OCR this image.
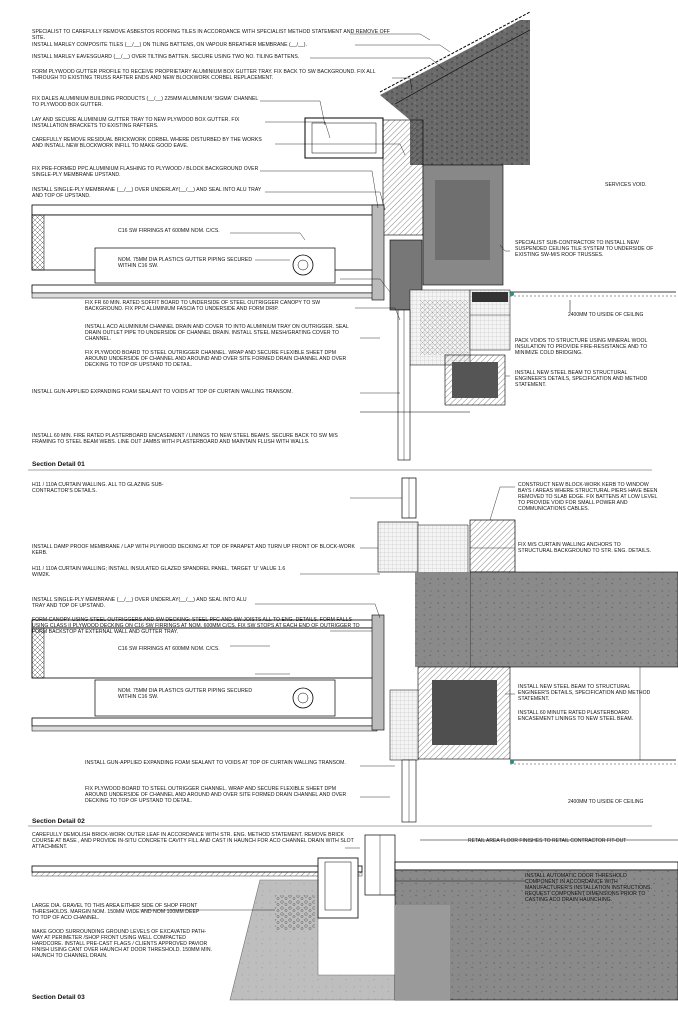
SPECIALIST TO CAREFULLY REMOVE ASBESTOS ROOFING TILES IN ACCORDANCE WITH SPECIALIST METHOD STATEMENT AND REMOVE OFF SITE.
INSTALL MARLEY COMPOSITE TILES (__/__) ON TILING BATTENS, ON VAPOUR BREATHER MEMBRANE (__/__).
INSTALL MARLEY EAVESGUARD (__/__) OVER TILTING BATTEN. SECURE USING TWO NO. TILING BATTENS.
FORM PLYWOOD GUTTER PROFILE TO RECEIVE PROPRIETARY ALUMINIUM BOX GUTTER TRAY. FIX BACK TO SW BACKGROUND. FIX ALL THROUGH TO EXISTING TRUSS RAFTER ENDS AND NEW BLOCKWORK CORBEL REPLACEMENT.
FIX DALES ALUMINIUM BUILDING PRODUCTS (__/__) 225MM ALUMINIUM 'SIGMA' CHANNEL TO PLYWOOD BOX GUTTER.
LAY AND SECURE ALUMINIUM GUTTER TRAY TO NEW PLYWOOD BOX GUTTER. FIX INSTALLATION BRACKETS TO EXISTING RAFTERS.
CAREFULLY REMOVE RESIDUAL BRICKWORK CORBEL WHERE DISTURBED BY THE WORKS AND INSTALL NEW BLOCKWORK INFILL TO MAKE GOOD EAVE.
FIX PRE-FORMED PPC ALUMINIUM FLASHING TO PLYWOOD / BLOCK BACKGROUND OVER SINGLE-PLY MEMBRANE UPSTAND.
INSTALL SINGLE-PLY MEMBRANE (__/__) OVER UNDERLAY(__/__) AND SEAL INTO ALU TRAY AND TOP OF UPSTAND.
C16 SW FIRRINGS AT 600MM NOM. C/CS.
NOM. 75MM DIA PLASTICS GUTTER PIPING SECURED WITHIN C16 SW.
FIX FR 60 MIN. RATED SOFFIT BOARD TO UNDERSIDE OF STEEL OUTRIGGER CANOPY TO SW BACKGROUND. FIX PPC ALUMINIUM FASCIA TO UNDERSIDE AND FORM DRIP.
INSTALL ACO ALUMINIUM CHANNEL DRAIN AND COVER TO INTO ALUMINIUM TRAY ON OUTRIGGER. SEAL DRAIN OUTLET PIPE TO UNDERSIDE OF CHANNEL DRAIN. INSTALL STEEL MESH/GRATING COVER TO CHANNEL.
FIX PLYWOOD BOARD TO STEEL OUTRIGGER CHANNEL. WRAP AND SECURE FLEXIBLE SHEET DPM AROUND UNDERSIDE OF CHANNEL AND AROUND AND OVER SITE FORMED DRAIN CHANNEL AND OVER DECKING TO TOP OF UPSTAND TO DETAIL.
INSTALL GUN-APPLIED EXPANDING FOAM SEALANT TO VOIDS AT TOP OF CURTAIN WALLING TRANSOM.
INSTALL 60 MIN. FIRE RATED PLASTERBOARD ENCASEMENT / LININGS TO NEW STEEL BEAMS. SECURE BACK TO SW M/S FRAMING TO STEEL BEAM WEBS. LINE OUT JAMBS WITH PLASTERBOARD AND MAINTAIN FLUSH WITH WALLS.
Section Detail 01
SERVICES VOID.
SPECIALIST SUB-CONTRACTOR TO INSTALL NEW SUSPENDED CEILING TILE SYSTEM TO UNDERSIDE OF EXISTING SW-M/S ROOF TRUSSES.
2400MM TO U/SIDE OF CEILING
PACK VOIDS TO STRUCTURE USING MINERAL WOOL INSULATION TO PROVIDE FIRE-RESISTANCE AND TO MINIMIZE COLD BRIDGING.
INSTALL NEW STEEL BEAM TO STRUCTURAL ENGINEER'S DETAILS, SPECIFICATION AND METHOD STATEMENT.
H11 / 110A CURTAIN WALLING. ALL TO GLAZING SUB-CONTRACTOR'S DETAILS.
INSTALL DAMP PROOF MEMBRANE / LAP WITH PLYWOOD DECKING AT TOP OF PARAPET AND TURN UP FRONT OF BLOCK-WORK KERB.
H11 / 110A CURTAIN WALLING; INSTALL INSULATED GLAZED SPANDREL PANEL. TARGET 'U' VALUE 1.6 W/M2K.
INSTALL SINGLE-PLY MEMBRANE (__/__) OVER UNDERLAY(__/__) AND SEAL INTO ALU TRAY AND TOP OF UPSTAND.
FORM CANOPY USING STEEL OUTRIGGERS AND SW DECKING: STEEL PFC AND SW JOISTS ALL TO ENG. DETAILS. FORM FALLS USING CLASS II PLYWOOD DECKING ON C16 SW FIRRINGS AT NOM. 600MM C/CS. FIX SW STOPS AT EACH END OF OUTRIGGER TO FORM BACKSTOP AT EXTERNAL WALL AND GUTTER TRAY.
C16 SW FIRRINGS AT 600MM NOM. C/CS.
NOM. 75MM DIA PLASTICS GUTTER PIPING SECURED WITHIN C16 SW.
INSTALL GUN-APPLIED EXPANDING FOAM SEALANT TO VOIDS AT TOP OF CURTAIN WALLING TRANSOM.
FIX PLYWOOD BOARD TO STEEL OUTRIGGER CHANNEL. WRAP AND SECURE FLEXIBLE SHEET DPM AROUND UNDERSIDE OF CHANNEL AND AROUND AND OVER SITE FORMED DRAIN CHANNEL AND OVER DECKING TO TOP OF UPSTAND TO DETAIL.
Section Detail 02
CONSTRUCT NEW BLOCK-WORK KERB TO WINDOW BAYS / AREAS WHERE STRUCTURAL PIERS HAVE BEEN REMOVED TO SLAB EDGE. FIX BATTENS AT LOW LEVEL TO PROVIDE VOID FOR SMALL POWER AND COMMUNICATIONS CABLES.
FIX M/S CURTAIN WALLING ANCHORS TO STRUCTURAL BACKGROUND TO STR. ENG. DETAILS.
INSTALL NEW STEEL BEAM TO STRUCTURAL ENGINEER'S DETAILS, SPECIFICATION AND METHOD STATEMENT.
INSTALL 60 MINUTE RATED PLASTERBOARD ENCASEMENT LININGS TO NEW STEEL BEAM.
2400MM TO U/SIDE OF CEILING
CAREFULLY DEMOLISH BRICK-WORK OUTER LEAF IN ACCORDANCE WITH STR. ENG. METHOD STATEMENT. REMOVE BRICK COURSE AT BASE , AND PROVIDE IN-SITU CONCRETE CAVITY FILL AND CAST IN HAUNCH FOR ACO CHANNEL DRAIN WITH SLOT ATTACHMENT.
LARGE DIA. GRAVEL TO THIS AREA EITHER SIDE OF SHOP FRONT THRESHOLDS. MARGIN NOM. 150MM WIDE AND NOM 100MM DEEP TO TOP OF ACO CHANNEL.
MAKE GOOD SURROUNDING GROUND LEVELS OF EXCAVATED PATH-WAY AT PERIMETER /SHOP FRONT USING WELL COMPACTED HARDCORE. INSTALL PRE-CAST FLAGS / CLIENTS APPROVED PAVIOR FINISH USING CANT OVER HAUNCH AT DOOR THRESHOLD. 150MM MIN. HAUNCH TO CHANNEL DRAIN.
Section Detail 03
RETAIL AREA FLOOR FINISHES TO RETAIL CONTRACTOR FIT-OUT
INSTALL AUTOMATIC DOOR THRESHOLD COMPONENT IN ACCORDANCE WITH MANUFACTURER'S INSTALLATION INSTRUCTIONS. REQUEST COMPONENT DIMENSIONS PRIOR TO CASTING ACO DRAIN HAUNCHING.
